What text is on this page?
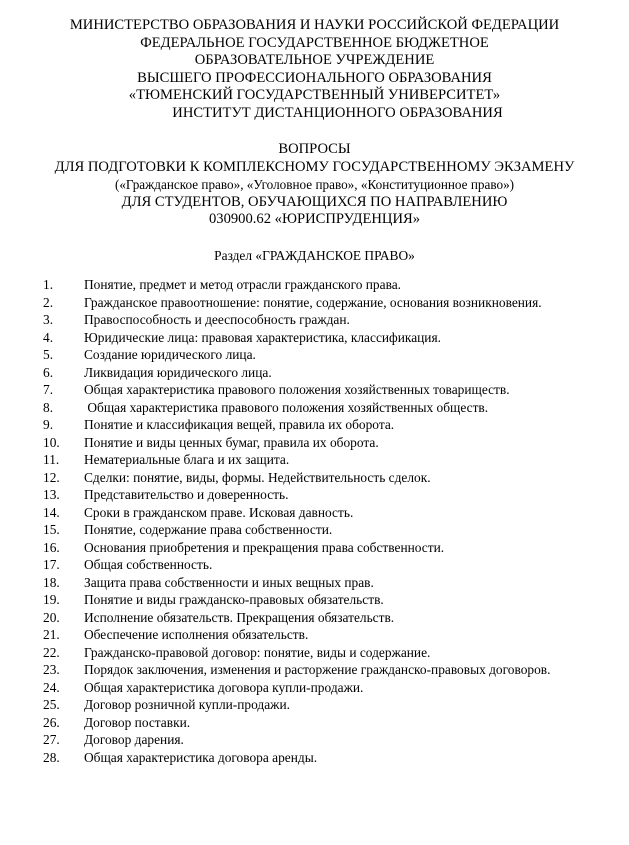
МИНИСТЕРСТВО ОБРАЗОВАНИЯ И НАУКИ РОССИЙСКОЙ ФЕДЕРАЦИИ
ФЕДЕРАЛЬНОЕ ГОСУДАРСТВЕННОЕ БЮДЖЕТНОЕ
ОБРАЗОВАТЕЛЬНОЕ УЧРЕЖДЕНИЕ
ВЫСШЕГО ПРОФЕССИОНАЛЬНОГО ОБРАЗОВАНИЯ
«ТЮМЕНСКИЙ ГОСУДАРСТВЕННЫЙ УНИВЕРСИТЕТ»
ИНСТИТУТ ДИСТАНЦИОННОГО ОБРАЗОВАНИЯ
ВОПРОСЫ
ДЛЯ ПОДГОТОВКИ К КОМПЛЕКСНОМУ ГОСУДАРСТВЕННОМУ ЭКЗАМЕНУ
(«Гражданское право», «Уголовное право», «Конституционное право»)
ДЛЯ СТУДЕНТОВ, ОБУЧАЮЩИХСЯ ПО НАПРАВЛЕНИЮ
030900.62 «ЮРИСПРУДЕНЦИЯ»
Раздел «ГРАЖДАНСКОЕ ПРАВО»
1. Понятие, предмет и метод отрасли гражданского права.
2. Гражданское правоотношение: понятие, содержание, основания возникновения.
3. Правоспособность и дееспособность граждан.
4. Юридические лица: правовая характеристика, классификация.
5. Создание юридического лица.
6. Ликвидация юридического лица.
7. Общая характеристика правового положения хозяйственных товариществ.
8. Общая характеристика правового положения хозяйственных обществ.
9. Понятие и классификация вещей, правила их оборота.
10. Понятие и виды ценных бумаг, правила их оборота.
11. Нематериальные блага и их защита.
12. Сделки: понятие, виды, формы. Недействительность сделок.
13. Представительство и доверенность.
14. Сроки в гражданском праве. Исковая давность.
15. Понятие, содержание права собственности.
16. Основания приобретения и прекращения права собственности.
17. Общая собственность.
18. Защита права собственности и иных вещных прав.
19. Понятие и виды гражданско-правовых обязательств.
20. Исполнение обязательств. Прекращения обязательств.
21. Обеспечение исполнения обязательств.
22. Гражданско-правовой договор: понятие, виды и содержание.
23. Порядок заключения, изменения и расторжение гражданско-правовых договоров.
24. Общая характеристика договора купли-продажи.
25. Договор розничной купли-продажи.
26. Договор поставки.
27. Договор дарения.
28. Общая характеристика договора аренды.
